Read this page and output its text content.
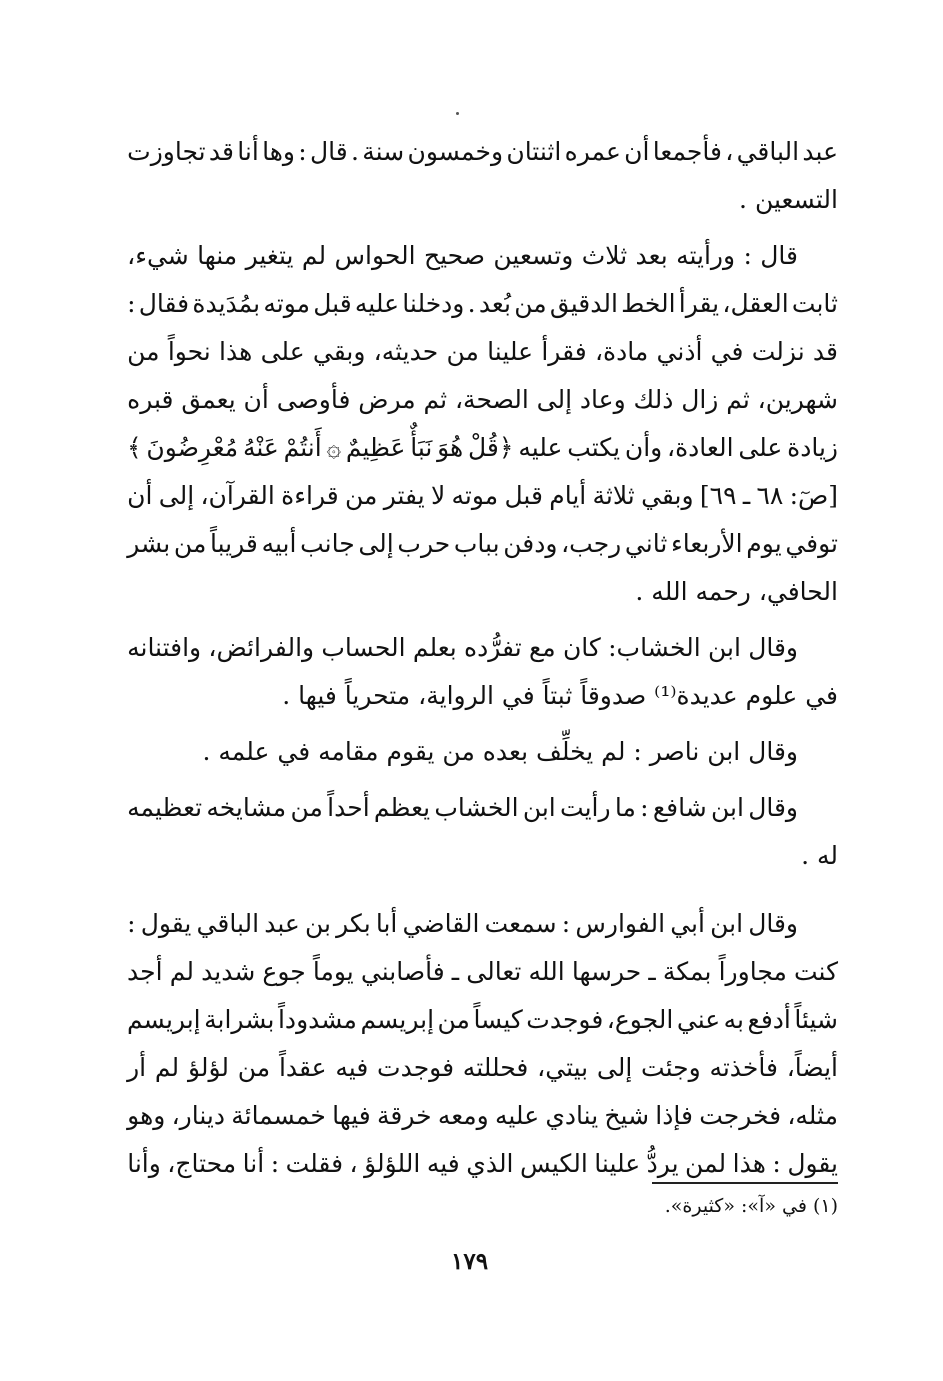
عبد
الباقي
،
فأجمعا
أن
عمره
اثنتان
وخمسون
سنة
.
قال
:
وها
أنا
قد
تجاوزت
التسعين .
قال
:
ورأيته
بعد
ثلاث
وتسعين
صحيح
الحواس
لم
يتغير
منها
شيء،
ثابت
العقل،
يقرأ
الخط
الدقيق
من
بُعد
.
ودخلنا
عليه
قبل
موته
بمُدَيدة
فقال
:
قد
نزلت
في
أذني
مادة،
فقرأ
علينا
من
حديثه،
وبقي
على
هذا
نحواً
من
شهرين،
ثم
زال
ذلك
وعاد
إلى
الصحة،
ثم
مرض
فأوصى
أن
يعمق
قبره
زيادة
على
العادة،
وأن
يكتب
عليه
﴿قُلْ
هُوَ
نَبَأٌ
عَظِيمٌ
۞
أَنتُمْ
عَنْهُ
مُعْرِضُونَ
﴾
[صٓ:
٦٨
ـ
٦٩]
وبقي
ثلاثة
أيام
قبل
موته
لا
يفتر
من
قراءة
القرآن،
إلى
أن
توفي
يوم
الأربعاء
ثاني
رجب،
ودفن
بباب
حرب
إلى
جانب
أبيه
قريباً
من
بشر
الحافي، رحمه الله .
وقال
ابن
الخشاب:
كان
مع
تفرُّده
بعلم
الحساب
والفرائض،
وافتنانه
في علوم عديدة⁽¹⁾ صدوقاً ثبتاً في الرواية، متحرياً فيها .
وقال ابن ناصر : لم يخلِّف بعده من يقوم مقامه في علمه .
وقال
ابن
شافع
:
ما
رأيت
ابن
الخشاب
يعظم
أحداً
من
مشايخه
تعظيمه
له .
وقال
ابن
أبي
الفوارس
:
سمعت
القاضي
أبا
بكر
بن
عبد
الباقي
يقول
:
كنت
مجاوراً
بمكة
ـ
حرسها
الله
تعالى
ـ
فأصابني
يوماً
جوع
شديد
لم
أجد
شيئاً
أدفع
به
عني
الجوع،
فوجدت
كيساً
من
إبريسم
مشدوداً
بشرابة
إبريسم
أيضاً،
فأخذته
وجئت
إلى
بيتي،
فحللته
فوجدت
فيه
عقداً
من
لؤلؤ
لم
أر
مثله،
فخرجت
فإذا
شيخ
ينادي
عليه
ومعه
خرقة
فيها
خمسمائة
دينار،
وهو
يقول
:
هذا
لمن
يردُّ
علينا
الكيس
الذي
فيه
اللؤلؤ
،
فقلت
:
أنا
محتاج،
وأنا
(١) في «آ»: «كثيرة».
١٧٩
